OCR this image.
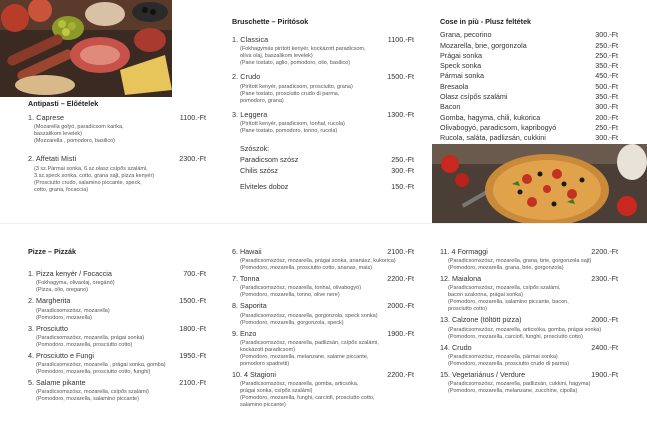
Antipasti – Előételek
1. Caprese	1100.-Ft
(Mozarella golyó, paradicsom karika,
baszalikom levelek)
(Mozzarella , pomodoro, basilico)
2. Affetati Misti	2300.-Ft
(3 sz.Pármai sonka, 6.sz.olasz csípős szalámi,
3.sz.speck sonka, cotto, grana sajt, pizza kenyér)
(Prosciutto crudo, salamino piccante, speck,
cotto, grana, focaccia)
Bruschette – Pirítósok
1. Classica	1100.-Ft
(Fokhagymás pirított kenyér, kockázott paradicsom,
olíva olaj, baszalikom levelek)
(Pane tostato, aglio, pomodoro, olio, basilico)
2. Crudo	1500.-Ft
(Pirított kenyér, paradicsom, prosciutto, grana)
(Pane tostato, prosciutto crudo di parma,
pomodoro, grana)
3. Leggera	1300.-Ft
(Pirított kenyér, paradicsom, tonhal, rucola)
(Pane tostato, pomodoro, tonno, rucola)
Szószok:
Paradicsom szósz	250.-Ft
Chilis szósz	300.-Ft
Elviteles doboz	150.-Ft
Cose in più - Plusz feltétek
Grana, pecorino	300.-Ft
Mozarella, brie, gorgonzola	250.-Ft
Prágai sonka	250.-Ft
Speck sonka	350.-Ft
Pármai sonka	450.-Ft
Bresaola	500.-Ft
Olasz csípős szalámi	350.-Ft
Bacon	300.-Ft
Gomba, hagyma, chili, kukorica	200.-Ft
Olivabogyó, paradicsom, kapribogyó	250.-Ft
Rucola, saláta, padlizsán, cukkini	300.-Ft
Pizze – Pizzák
1. Pizza kenyér / Focaccia	700.-Ft
(Fokhagyma, olivaolaj, oregánó)
(Pizza, olio, oregano)
2. Margherita	1500.-Ft
(Paradicsomszósz, mozarella)
(Pomodoro, mozarella)
3. Prosciutto	1800.-Ft
(Paradicsomszósz, mozarella, prágai sonka)
(Pomodoro, mozarella, prosciutto cotto)
4. Prosciutto e Fungi	1950.-Ft
(Paradicsomszósz, mozarella , prágai sonka, gomba)
(Pomodoro, mozarella, prosciutto cotto, funghi)
5. Salame pikante	2100.-Ft
(Paradicsomszósz, mozarella, csípős szalámi)
(Pomodoro, mozarella, salamino piccante)
6. Hawaii	2100.-Ft
(Paradicsomszósz, mozarella, prágai sonka, ananász, kukorica)
(Pomodoro, mozarella, prosciutto cotto, ananas, mais)
7. Tonna	2200.-Ft
(Paradicsomszósz, mozarella, tonhal, olivabogyó)
(Pomodoro, mozarella, tonno, olive nere)
8. Saporita	2000.-Ft
(Paradicsomszósz, mozarella, gorgonzola, speck sonka)
(Pomodoro, mozarella, gorgonzola, speck)
9. Enzo	1900.-Ft
(Paradicsomszósz, mozarella, padlizsán, csípős szalámi,
kockázott paradicsom)
(Pomodoro, mozarella, melanzane, salame piccante,
pomodoro spadretti)
10. 4 Stagioni	2200.-Ft
(Paradicsomszósz, mozarella, gomba, articsóka,
prágai sonka, csípős szalámi)
(Pomodoro, mozarella, funghi, carciofi, prosciutto cotto,
salamino piccante)
11. 4 Formaggi	2200.-Ft
(Paradicsomszósz, mozarella, grana, brie, gorgonzola sajt)
(Pomodoro, mozarella, grana, brie, gorgonzola)
12. Maialona	2300.-Ft
(Paradicsomszósz, mozarella, csípős szalámi,
bacon szalonna, prágai sonka)
(Pomodoro, mozarella, salamino piccante, bacon,
prosciutto cotto)
13. Calzone (töltött pizza)	2000.-Ft
(Paradicsomszósz, mozarella, articsóka, gomba, prágai sonka)
(Pomodoro, mozarella, carciofi, funghi, prosciutto cotto)
14. Crudo	2400.-Ft
(Paradicsomszósz, mozarella, pármai sonka)
(Pomodoro, mozarella, prosciutto crudo di parma)
15. Vegetariánus / Verdure	1900.-Ft
(Paradicsomszósz, mozarella, padlizsán, cukkini, hagyma)
(Pomodoro, mozarella, melanzane, zucchine, cipolla)
